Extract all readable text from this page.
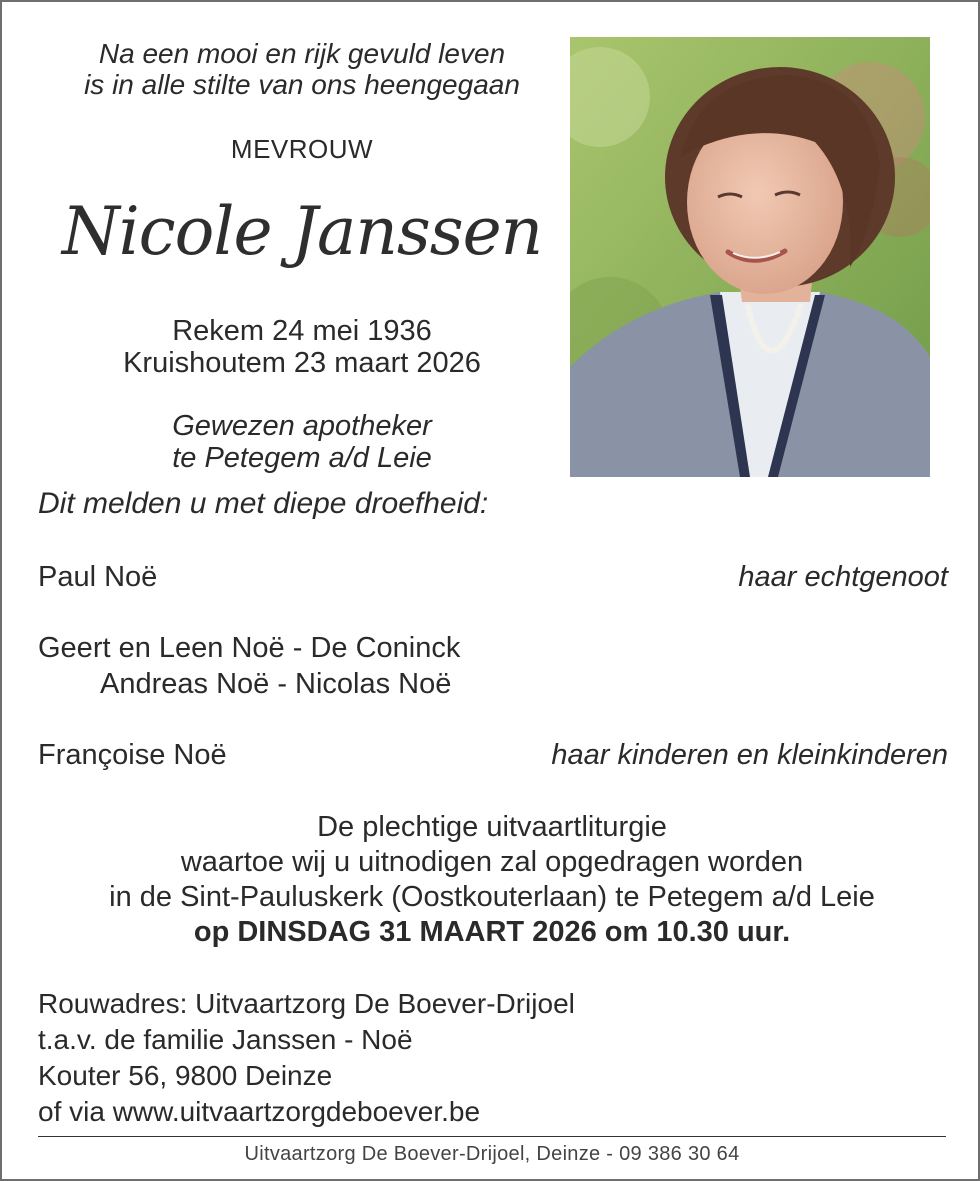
Na een mooi en rijk gevuld leven
is in alle stilte van ons heengegaan
MEVROUW
Nicole Janssen
Rekem 24 mei 1936
Kruishoutem 23 maart 2026
Gewezen apotheker
te Petegem a/d Leie
Dit melden u met diepe droefheid:
Paul Noë	haar echtgenoot
Geert en Leen Noë - De Coninck
Andreas Noë - Nicolas Noë
Françoise Noë	haar kinderen en kleinkinderen
De plechtige uitvaartliturgie
waartoe wij u uitnodigen zal opgedragen worden
in de Sint-Pauluskerk (Oostkouterlaan) te Petegem a/d Leie
op DINSDAG 31 MAART 2026 om 10.30 uur.
Rouwadres: Uitvaartzorg De Boever-Drijoel
t.a.v. de familie Janssen - Noë
Kouter 56, 9800 Deinze
of via www.uitvaartzorgdeboever.be
Uitvaartzorg De Boever-Drijoel, Deinze - 09 386 30 64
